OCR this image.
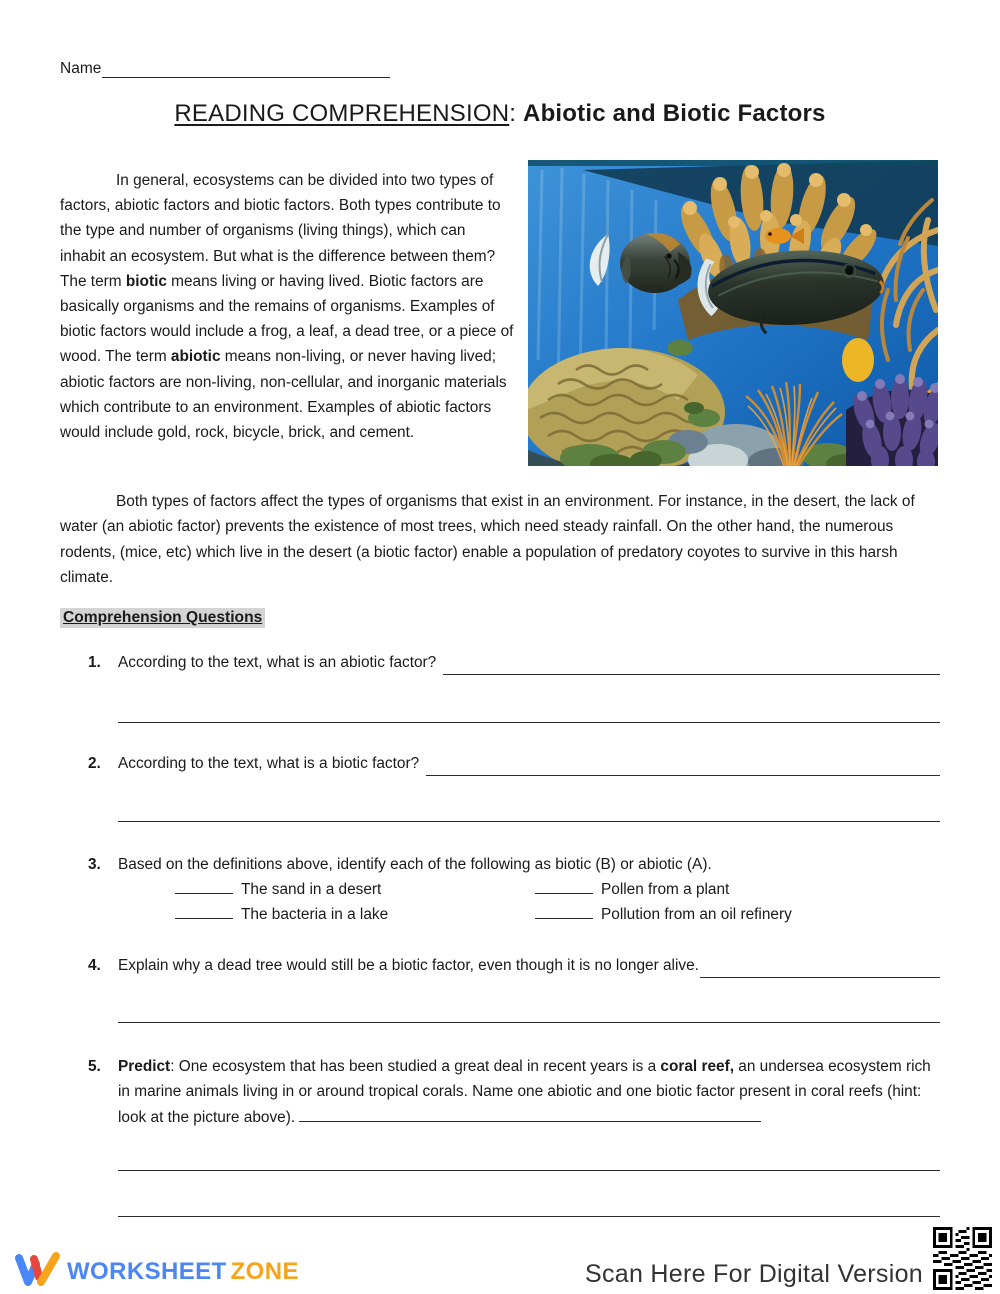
Name
READING COMPREHENSION: Abiotic and Biotic Factors
In general, ecosystems can be divided into two types of factors, abiotic factors and biotic factors. Both types contribute to the type and number of organisms (living things), which can inhabit an ecosystem. But what is the difference between them? The term biotic means living or having lived. Biotic factors are basically organisms and the remains of organisms. Examples of biotic factors would include a frog, a leaf, a dead tree, or a piece of wood. The term abiotic means non-living, or never having lived; abiotic factors are non-living, non-cellular, and inorganic materials which contribute to an environment. Examples of abiotic factors would include gold, rock, bicycle, brick, and cement.
Both types of factors affect the types of organisms that exist in an environment. For instance, in the desert, the lack of water (an abiotic factor) prevents the existence of most trees, which need steady rainfall. On the other hand, the numerous rodents, (mice, etc) which live in the desert (a biotic factor) enable a population of predatory coyotes to survive in this harsh climate.
Comprehension Questions
1.	According to the text, what is an abiotic factor?
2.	According to the text, what is a biotic factor?
3.	Based on the definitions above, identify each of the following as biotic (B) or abiotic (A).
The sand in a desert	Pollen from a plant
The bacteria in a lake	Pollution from an oil refinery
4.	Explain why a dead tree would still be a biotic factor, even though it is no longer alive.
5.	Predict: One ecosystem that has been studied a great deal in recent years is a coral reef, an undersea ecosystem rich in marine animals living in or around tropical corals. Name one abiotic and one biotic factor present in coral reefs (hint: look at the picture above).
WORKSHEET ZONE	Scan Here For Digital Version
